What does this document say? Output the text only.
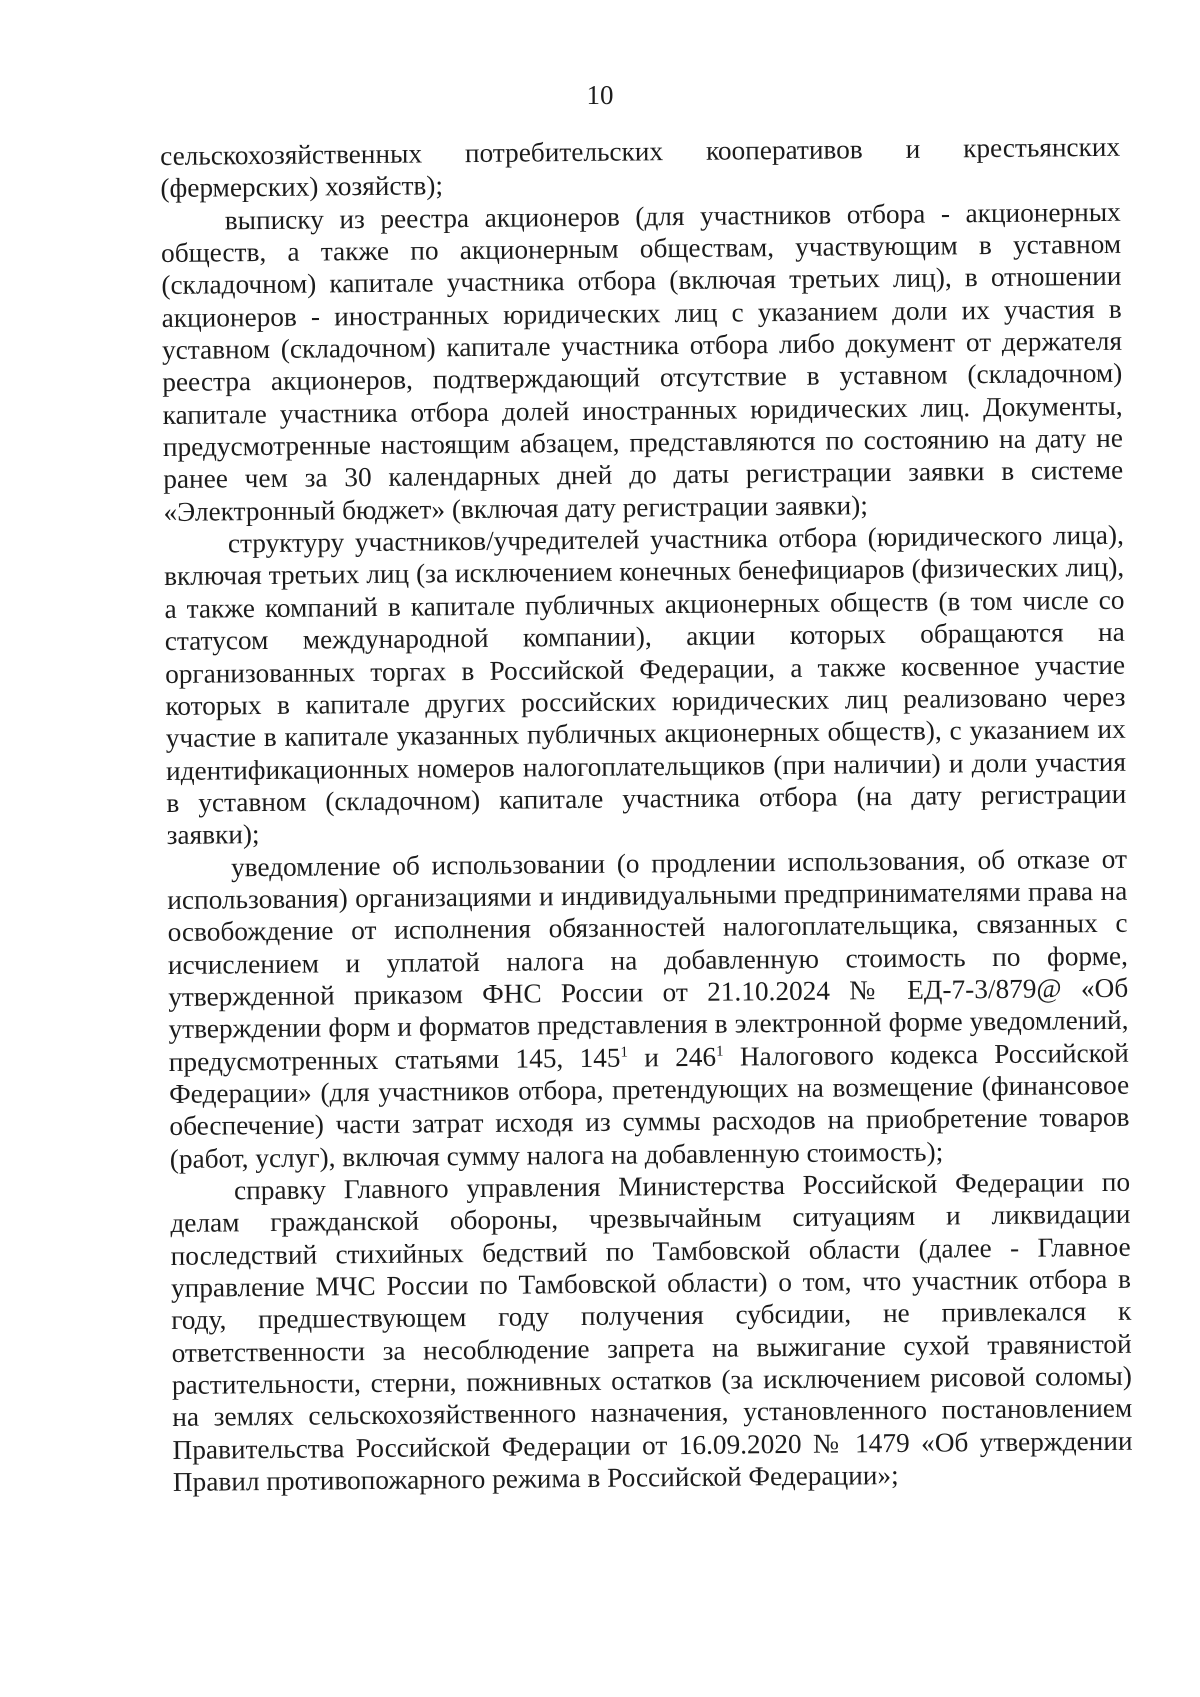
10

сельскохозяйственных потребительских кооперативов и крестьянских
(фермерских) хозяйств);

выписку из реестра акционеров (для участников отбора - акционерных обществ, а также по акционерным обществам, участвующим в уставном (складочном) капитале участника отбора (включая третьих лиц), в отношении акционеров - иностранных юридических лиц с указанием доли их участия в уставном (складочном) капитале участника отбора либо документ от держателя реестра акционеров, подтверждающий отсутствие в уставном (складочном) капитале участника отбора долей иностранных юридических лиц. Документы, предусмотренные настоящим абзацем, представляются по состоянию на дату не ранее чем за 30 календарных дней до даты регистрации заявки в системе «Электронный бюджет» (включая дату регистрации заявки);

структуру участников/учредителей участника отбора (юридического лица), включая третьих лиц (за исключением конечных бенефициаров (физических лиц), а также компаний в капитале публичных акционерных обществ (в том числе со статусом международной компании), акции которых обращаются на организованных торгах в Российской Федерации, а также косвенное участие которых в капитале других российских юридических лиц реализовано через участие в капитале указанных публичных акционерных обществ), с указанием их идентификационных номеров налогоплательщиков (при наличии) и доли участия в уставном (складочном) капитале участника отбора (на дату регистрации заявки);

уведомление об использовании (о продлении использования, об отказе от использования) организациями и индивидуальными предпринимателями права на освобождение от исполнения обязанностей налогоплательщика, связанных с исчислением и уплатой налога на добавленную стоимость по форме, утвержденной приказом ФНС России от 21.10.2024 № ЕД-7-3/879@ «Об утверждении форм и форматов представления в электронной форме уведомлений, предусмотренных статьями 145, $145^1$ и $246^1$ Налогового кодекса Российской Федерации» (для участников отбора, претендующих на возмещение (финансовое обеспечение) части затрат исходя из суммы расходов на приобретение товаров (работ, услуг), включая сумму налога на добавленную стоимость);

справку Главного управления Министерства Российской Федерации по делам гражданской обороны, чрезвычайным ситуациям и ликвидации последствий стихийных бедствий по Тамбовской области (далее - Главное управление МЧС России по Тамбовской области) о том, что участник отбора в году, предшествующем году получения субсидии, не привлекался к ответственности за несоблюдение запрета на выжигание сухой травянистой растительности, стерни, пожнивных остатков (за исключением рисовой соломы) на землях сельскохозяйственного назначения, установленного постановлением Правительства Российской Федерации от 16.09.2020 № 1479 «Об утверждении Правил противопожарного режима в Российской Федерации»;
